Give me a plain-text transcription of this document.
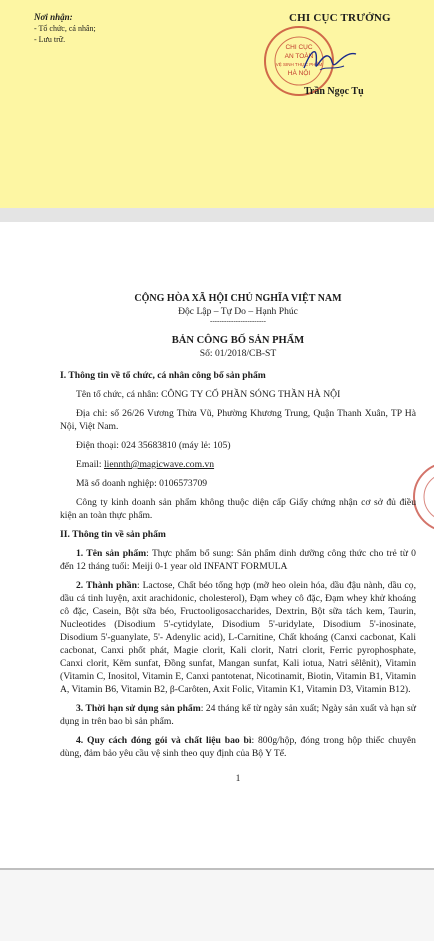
Nơi nhận:
- Tổ chức, cá nhân;
- Lưu trữ.
CHI CỤC TRƯỞNG
CHI CỤC
AN TOÀN
VỆ SINH THỰC PHẨM
HÀ NỘI
Trần Ngọc Tụ
CỘNG HÒA XÃ HỘI CHỦ NGHĨA VIỆT NAM
Độc Lập – Tự Do – Hạnh Phúc
------------------------
BẢN CÔNG BỐ SẢN PHẨM
Số: 01/2018/CB-ST
I. Thông tin về tổ chức, cá nhân công bố sản phẩm

Tên tổ chức, cá nhân: CÔNG TY CỔ PHẦN SÓNG THẦN HÀ NỘI

Địa chỉ: số 26/26 Vương Thừa Vũ, Phường Khương Trung, Quận Thanh Xuân, TP Hà Nội, Việt Nam.

Điện thoại: 024 35683810 (máy lẻ: 105)

Email: liennth@magicwave.com.vn

Mã số doanh nghiệp: 0106573709

Công ty kinh doanh sản phẩm không thuộc diện cấp Giấy chứng nhận cơ sở đủ điều kiện an toàn thực phẩm.

II. Thông tin về sản phẩm

1. Tên sản phẩm: Thực phẩm bổ sung: Sản phẩm dinh dưỡng công thức cho trẻ từ 0 đến 12 tháng tuổi: Meiji 0-1 year old INFANT FORMULA

2. Thành phần: Lactose, Chất béo tổng hợp (mỡ heo olein hóa, dầu đậu nành, dầu cọ, dầu cá tinh luyện, axit arachidonic, cholesterol), Đạm whey cô đặc, Đạm whey khử khoáng cô đặc, Casein, Bột sữa béo, Fructooligosaccharides, Dextrin, Bột sữa tách kem, Taurin, Nucleotides (Disodium 5'-cytidylate, Disodium 5'-uridylate, Disodium 5'-inosinate, Disodium 5'-guanylate, 5'- Adenylic acid), L-Carnitine, Chất khoáng (Canxi cacbonat, Kali cacbonat, Canxi phốt phát, Magie clorit, Kali clorit, Natri clorit, Ferric pyrophosphate, Canxi clorit, Kẽm sunfat, Đồng sunfat, Mangan sunfat, Kali iotua, Natri sêlênit), Vitamin (Vitamin C, Inositol, Vitamin E, Canxi pantotenat, Nicotinamit, Biotin, Vitamin B1, Vitamin A, Vitamin B6, Vitamin B2, β-Carôten, Axit Folic, Vitamin K1, Vitamin D3, Vitamin B12).

3. Thời hạn sử dụng sản phẩm: 24 tháng kể từ ngày sản xuất; Ngày sản xuất và hạn sử dụng in trên bao bì sản phẩm.

4. Quy cách đóng gói và chất liệu bao bì: 800g/hộp, đóng trong hộp thiếc chuyên dùng, đảm bảo yêu cầu vệ sinh theo quy định của Bộ Y Tế.

1
